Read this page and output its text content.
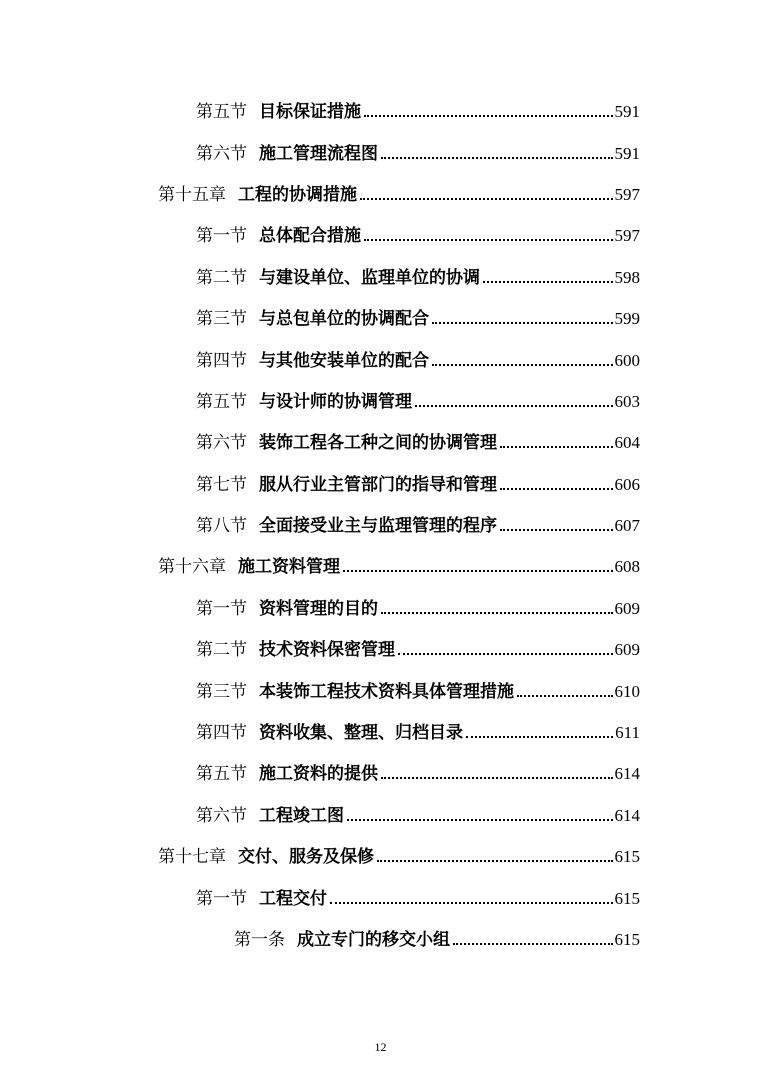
第五节 目标保证措施	591
第六节 施工管理流程图	591
第十五章 工程的协调措施	597
第一节 总体配合措施	597
第二节 与建设单位、监理单位的协调	598
第三节 与总包单位的协调配合	599
第四节 与其他安装单位的配合	600
第五节 与设计师的协调管理	603
第六节 装饰工程各工种之间的协调管理	604
第七节 服从行业主管部门的指导和管理	606
第八节 全面接受业主与监理管理的程序	607
第十六章 施工资料管理	608
第一节 资料管理的目的	609
第二节 技术资料保密管理	609
第三节 本装饰工程技术资料具体管理措施	610
第四节 资料收集、整理、归档目录	611
第五节 施工资料的提供	614
第六节 工程竣工图	614
第十七章 交付、服务及保修	615
第一节 工程交付	615
第一条 成立专门的移交小组	615
12
